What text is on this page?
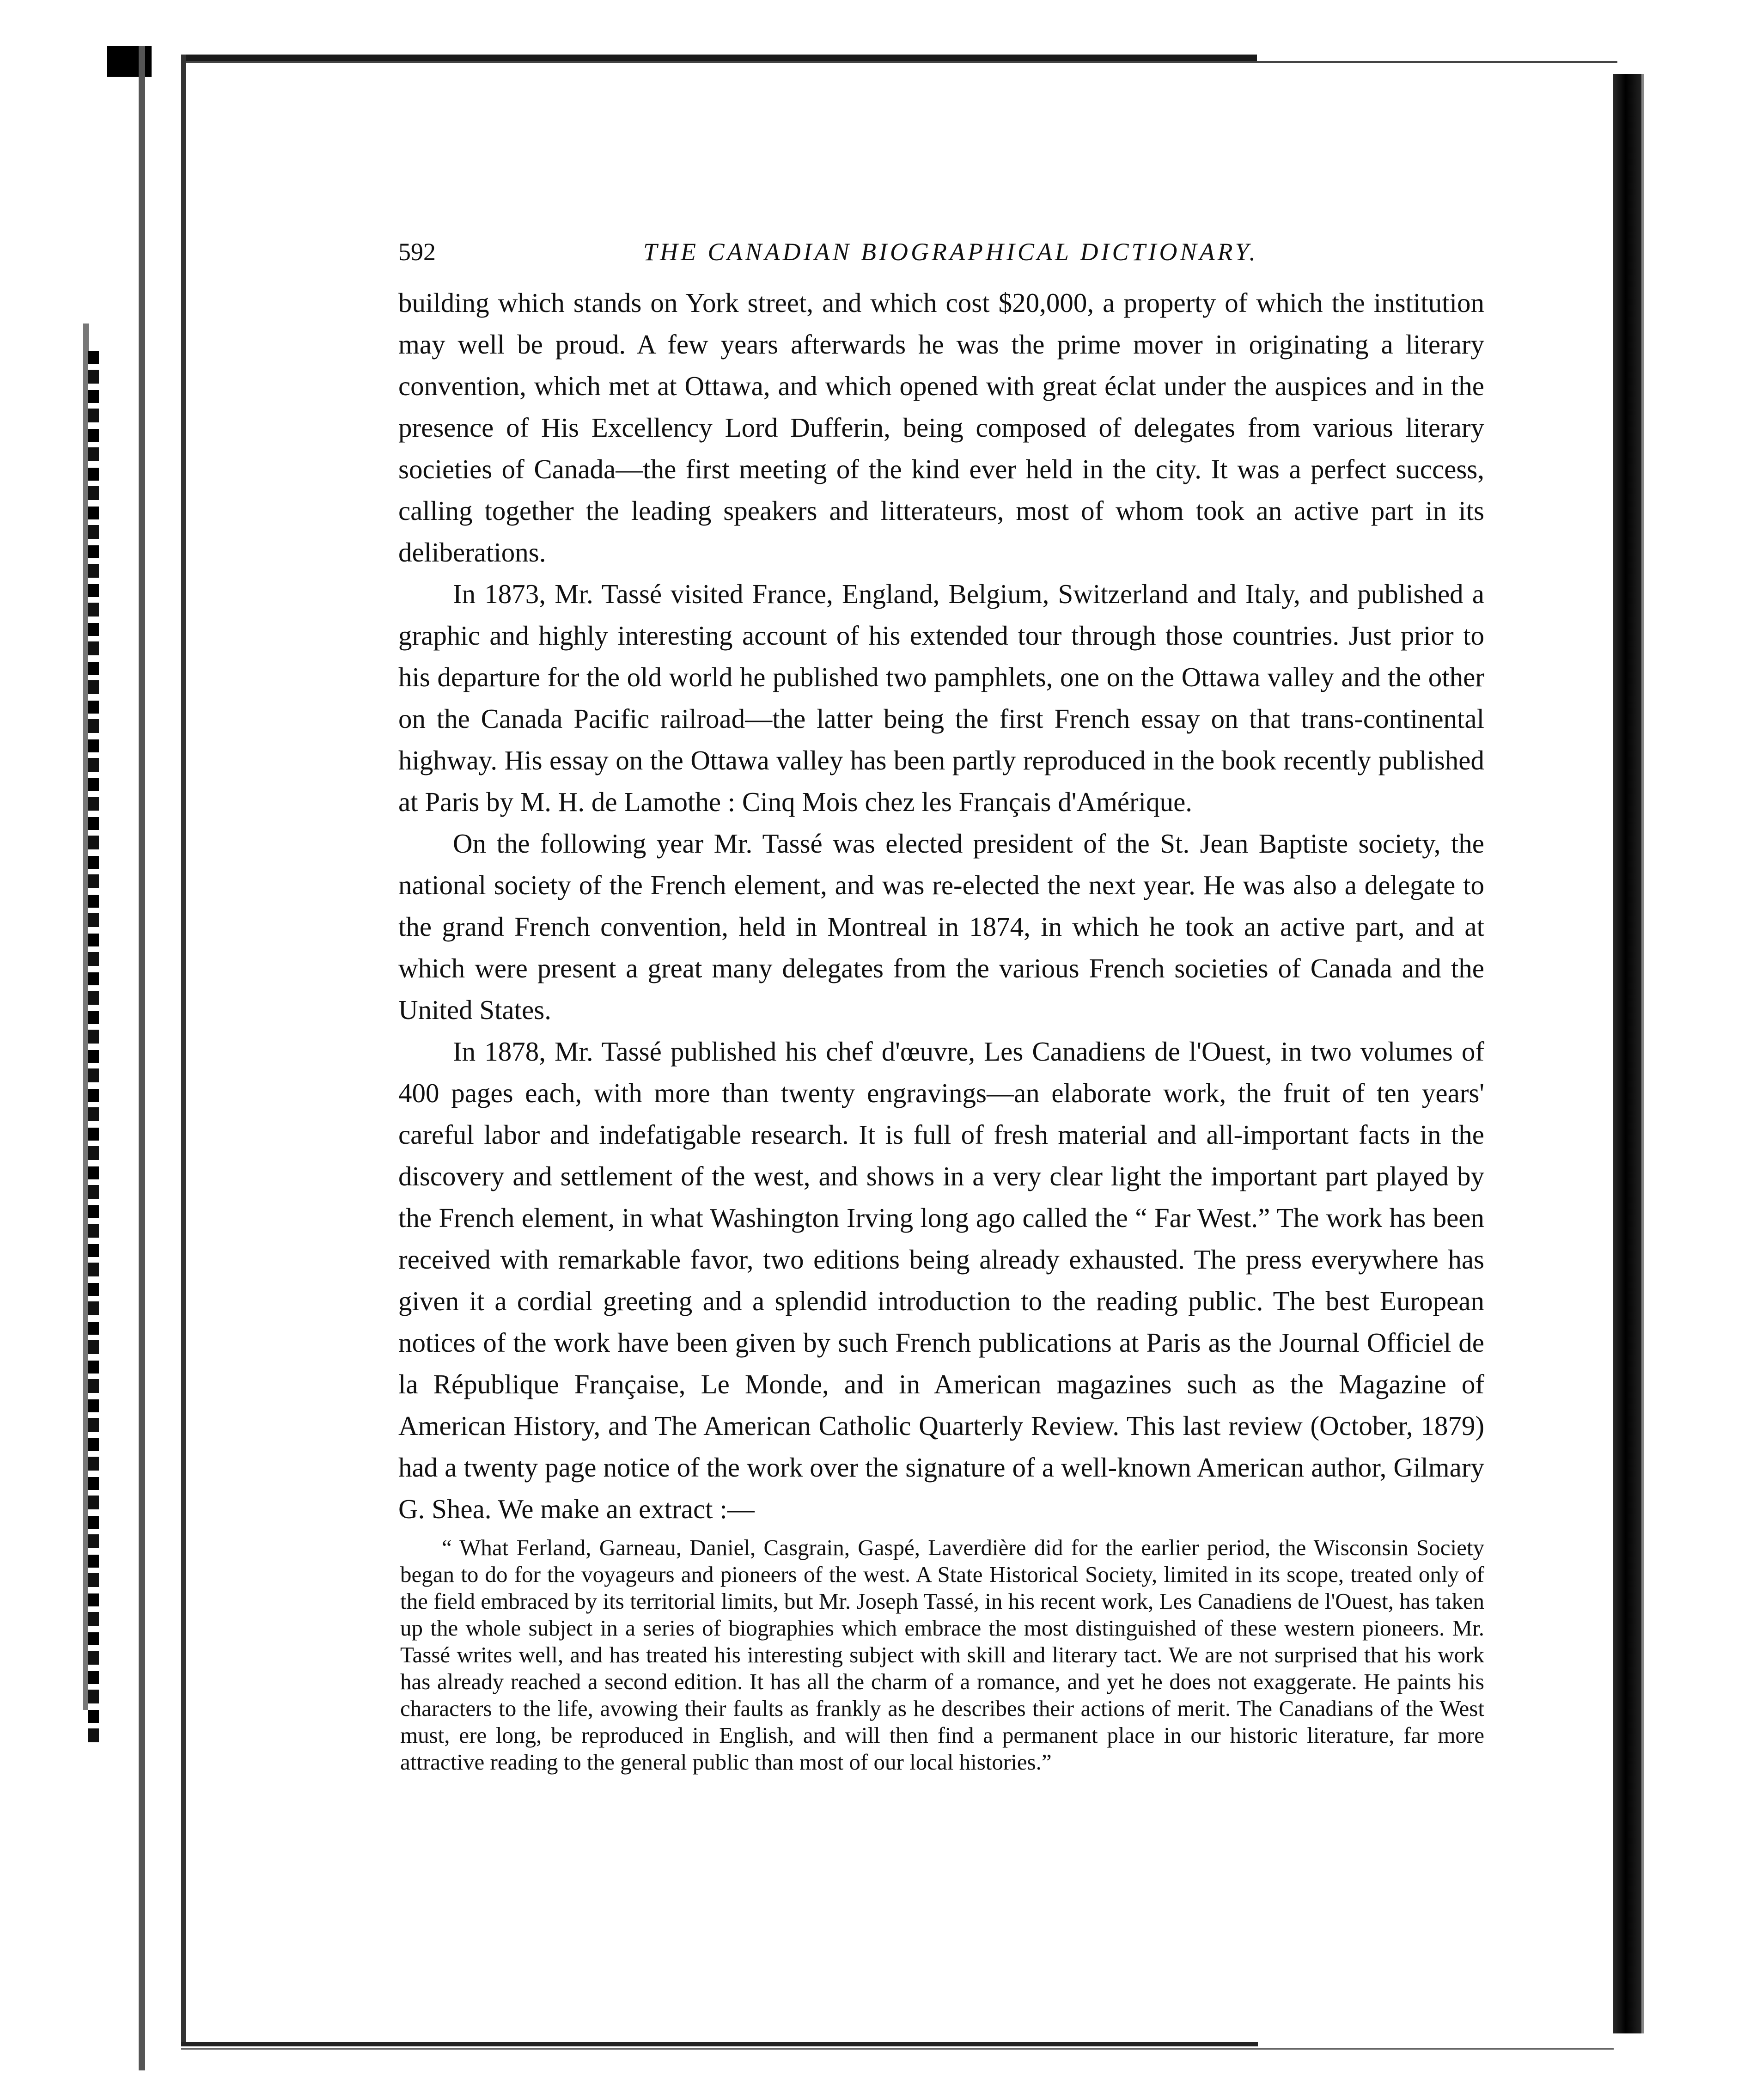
592	THE CANADIAN BIOGRAPHICAL DICTIONARY.

building which stands on York street, and which cost $20,000, a property of which the institution may well be proud. A few years afterwards he was the prime mover in originating a literary convention, which met at Ottawa, and which opened with great éclat under the auspices and in the presence of His Excellency Lord Dufferin, being composed of delegates from various literary societies of Canada—the first meeting of the kind ever held in the city. It was a perfect success, calling together the leading speakers and litterateurs, most of whom took an active part in its deliberations.

In 1873, Mr. Tassé visited France, England, Belgium, Switzerland and Italy, and published a graphic and highly interesting account of his extended tour through those countries. Just prior to his departure for the old world he published two pamphlets, one on the Ottawa valley and the other on the Canada Pacific railroad—the latter being the first French essay on that trans-continental highway. His essay on the Ottawa valley has been partly reproduced in the book recently published at Paris by M. H. de Lamothe : Cinq Mois chez les Français d'Amérique.

On the following year Mr. Tassé was elected president of the St. Jean Baptiste society, the national society of the French element, and was re-elected the next year. He was also a delegate to the grand French convention, held in Montreal in 1874, in which he took an active part, and at which were present a great many delegates from the various French societies of Canada and the United States.

In 1878, Mr. Tassé published his chef d'œuvre, Les Canadiens de l'Ouest, in two volumes of 400 pages each, with more than twenty engravings—an elaborate work, the fruit of ten years' careful labor and indefatigable research. It is full of fresh material and all-important facts in the discovery and settlement of the west, and shows in a very clear light the important part played by the French element, in what Washington Irving long ago called the “ Far West.” The work has been received with remarkable favor, two editions being already exhausted. The press everywhere has given it a cordial greeting and a splendid introduction to the reading public. The best European notices of the work have been given by such French publications at Paris as the Journal Officiel de la République Française, Le Monde, and in American magazines such as the Magazine of American History, and The American Catholic Quarterly Review. This last review (October, 1879) had a twenty page notice of the work over the signature of a well-known American author, Gilmary G. Shea. We make an extract :—

“ What Ferland, Garneau, Daniel, Casgrain, Gaspé, Laverdière did for the earlier period, the Wisconsin Society began to do for the voyageurs and pioneers of the west. A State Historical Society, limited in its scope, treated only of the field embraced by its territorial limits, but Mr. Joseph Tassé, in his recent work, Les Canadiens de l'Ouest, has taken up the whole subject in a series of biographies which embrace the most distinguished of these western pioneers. Mr. Tassé writes well, and has treated his interesting subject with skill and literary tact. We are not surprised that his work has already reached a second edition. It has all the charm of a romance, and yet he does not exaggerate. He paints his characters to the life, avowing their faults as frankly as he describes their actions of merit. The Canadians of the West must, ere long, be reproduced in English, and will then find a permanent place in our historic literature, far more attractive reading to the general public than most of our local histories.”
